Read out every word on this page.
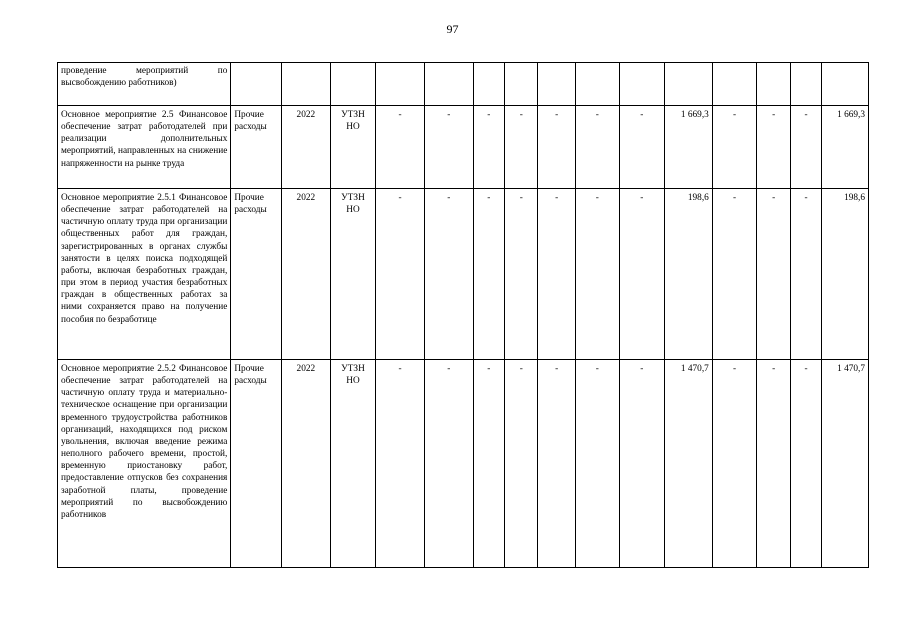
97
проведение мероприятий по высвобождению работников)															
Основное мероприятие 2.5 Финансовое обеспечение затрат работодателей при реализации дополнительных мероприятий, направленных на снижение напряженности на рынке труда	Прочие расходы	2022	УТЗН НО	-	-	-	-	-	-	-	1 669,3	-	-	-	1 669,3
Основное мероприятие 2.5.1 Финансовое обеспечение затрат работодателей на частичную оплату труда при организации общественных работ для граждан, зарегистрированных в органах службы занятости в целях поиска подходящей работы, включая безработных граждан, при этом в период участия безработных граждан в общественных работах за ними сохраняется право на получение пособия по безработице	Прочие расходы	2022	УТЗН НО	-	-	-	-	-	-	-	198,6	-	-	-	198,6
Основное мероприятие 2.5.2 Финансовое обеспечение затрат работодателей на частичную оплату труда и материально-техническое оснащение при организации временного трудоустройства работников организаций, находящихся под риском увольнения, включая введение режима неполного рабочего времени, простой, временную приостановку работ, предоставление отпусков без сохранения заработной платы, проведение мероприятий по высвобождению работников	Прочие расходы	2022	УТЗН НО	-	-	-	-	-	-	-	1 470,7	-	-	-	1 470,7
